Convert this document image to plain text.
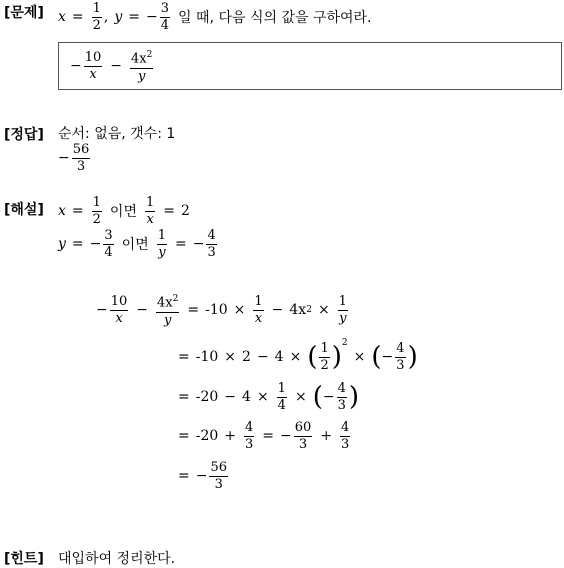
[문제] $x = \frac{1}{2}$ , y = − $\frac{3}{4}$ 일 때, 다음 식의 값을 구하여라.
− $\frac{10}{x} - \frac{4x^2}{y}$
[정답] 순서: 없음, 갯수: 1
− $\frac{56}{3}$
[해설] $x = \frac{1}{2}$ 이면 $\frac{1}{x} = 2$
y = − $\frac{3}{4}$ 이면 $\frac{1}{y}$ = − $\frac{4}{3}$
− $\frac{10}{x} - \frac{4x^2}{y} = -10 \times \frac{1}{x} - 4x$ $2 \times \frac{1}{y}$
= -10 × 2 − 4 × ( $\frac{1}{2} )^2$
× ( − $\frac{4}{3}$ )
= $-20 - 4 \times \frac{1}{4}$ × ( − $\frac{4}{3}$ )
= $-20 + \frac{4}{3}$ = − $\frac{60}{3} + \frac{4}{3}$
= − $\frac{56}{3}$
[힌트] 대입하여 정리한다.
